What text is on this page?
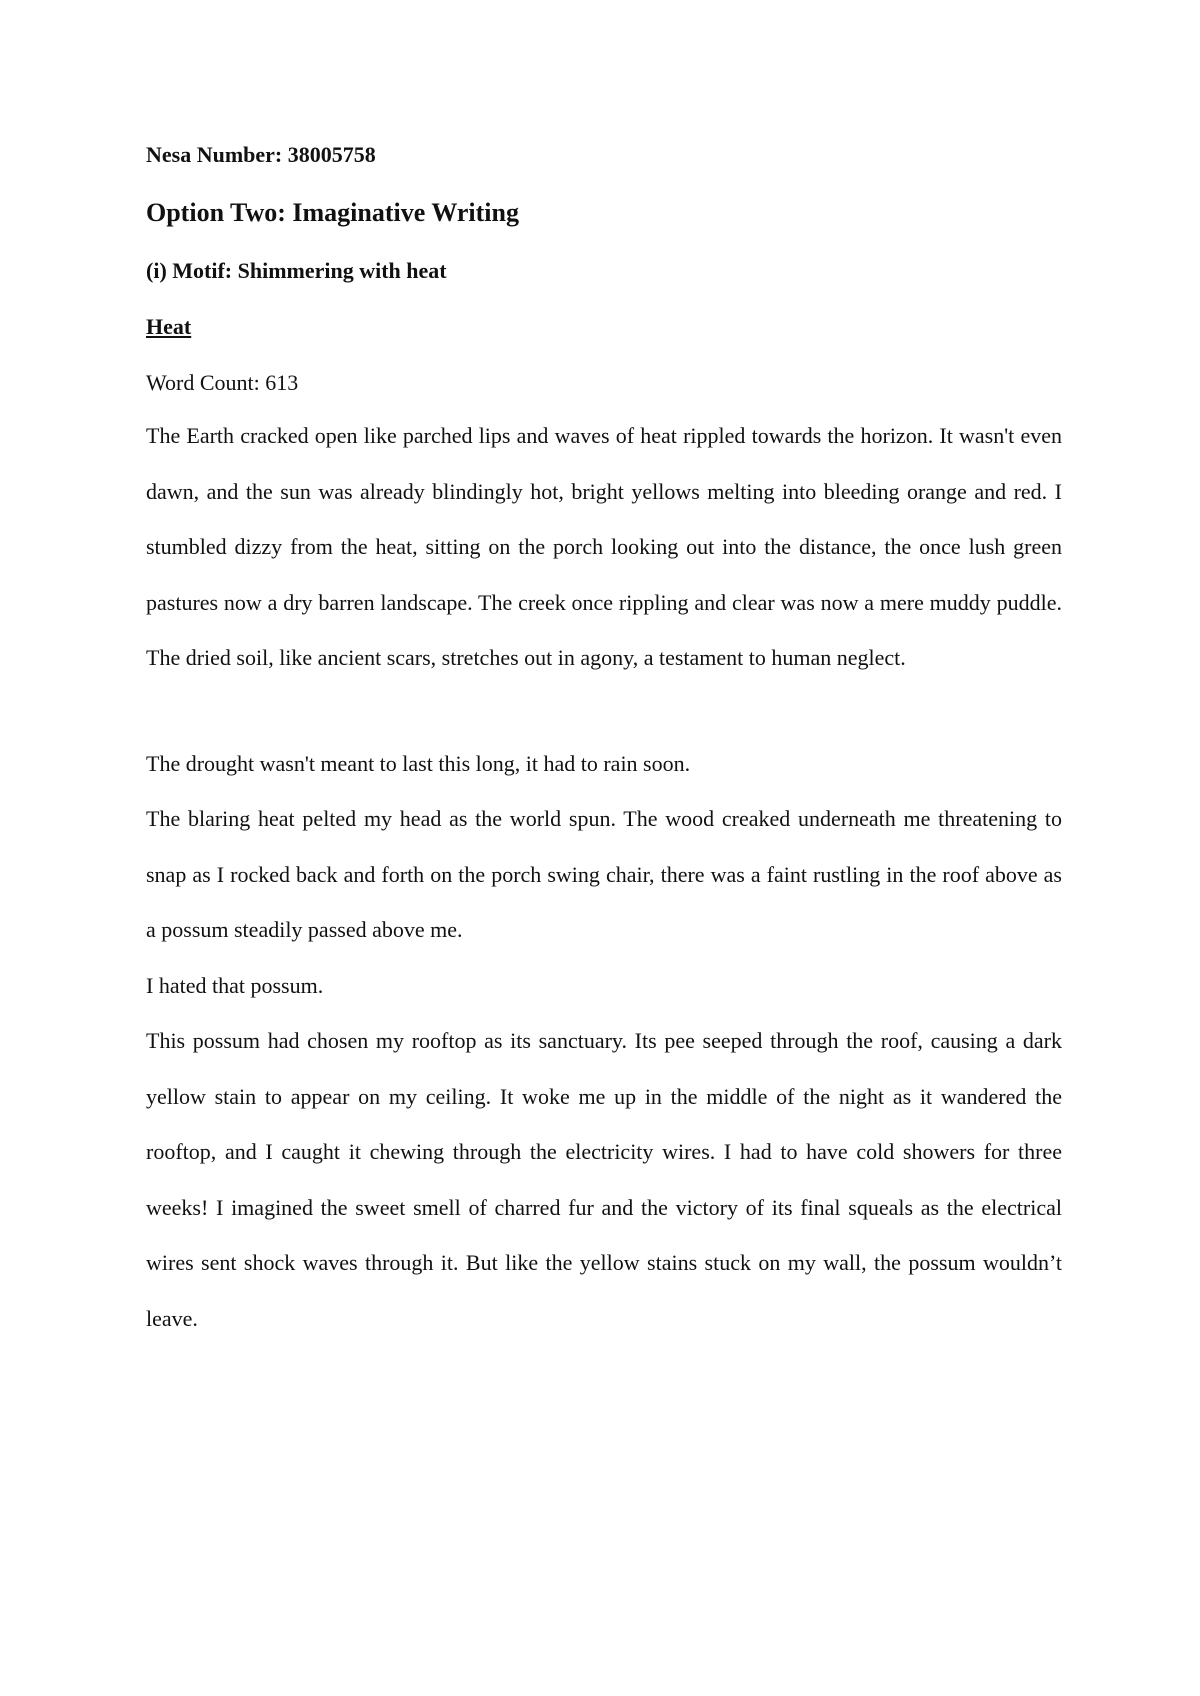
Nesa Number: 38005758

Option Two: Imaginative Writing

(i) Motif: Shimmering with heat

Heat

Word Count: 613

The Earth cracked open like parched lips and waves of heat rippled towards the horizon. It wasn't even dawn, and the sun was already blindingly hot, bright yellows melting into bleeding orange and red. I stumbled dizzy from the heat, sitting on the porch looking out into the distance, the once lush green pastures now a dry barren landscape. The creek once rippling and clear was now a mere muddy puddle. The dried soil, like ancient scars, stretches out in agony, a testament to human neglect.

The drought wasn't meant to last this long, it had to rain soon.

The blaring heat pelted my head as the world spun. The wood creaked underneath me threatening to snap as I rocked back and forth on the porch swing chair, there was a faint rustling in the roof above as a possum steadily passed above me.

I hated that possum.

This possum had chosen my rooftop as its sanctuary. Its pee seeped through the roof, causing a dark yellow stain to appear on my ceiling. It woke me up in the middle of the night as it wandered the rooftop, and I caught it chewing through the electricity wires. I had to have cold showers for three weeks! I imagined the sweet smell of charred fur and the victory of its final squeals as the electrical wires sent shock waves through it. But like the yellow stains stuck on my wall, the possum wouldn’t leave.
